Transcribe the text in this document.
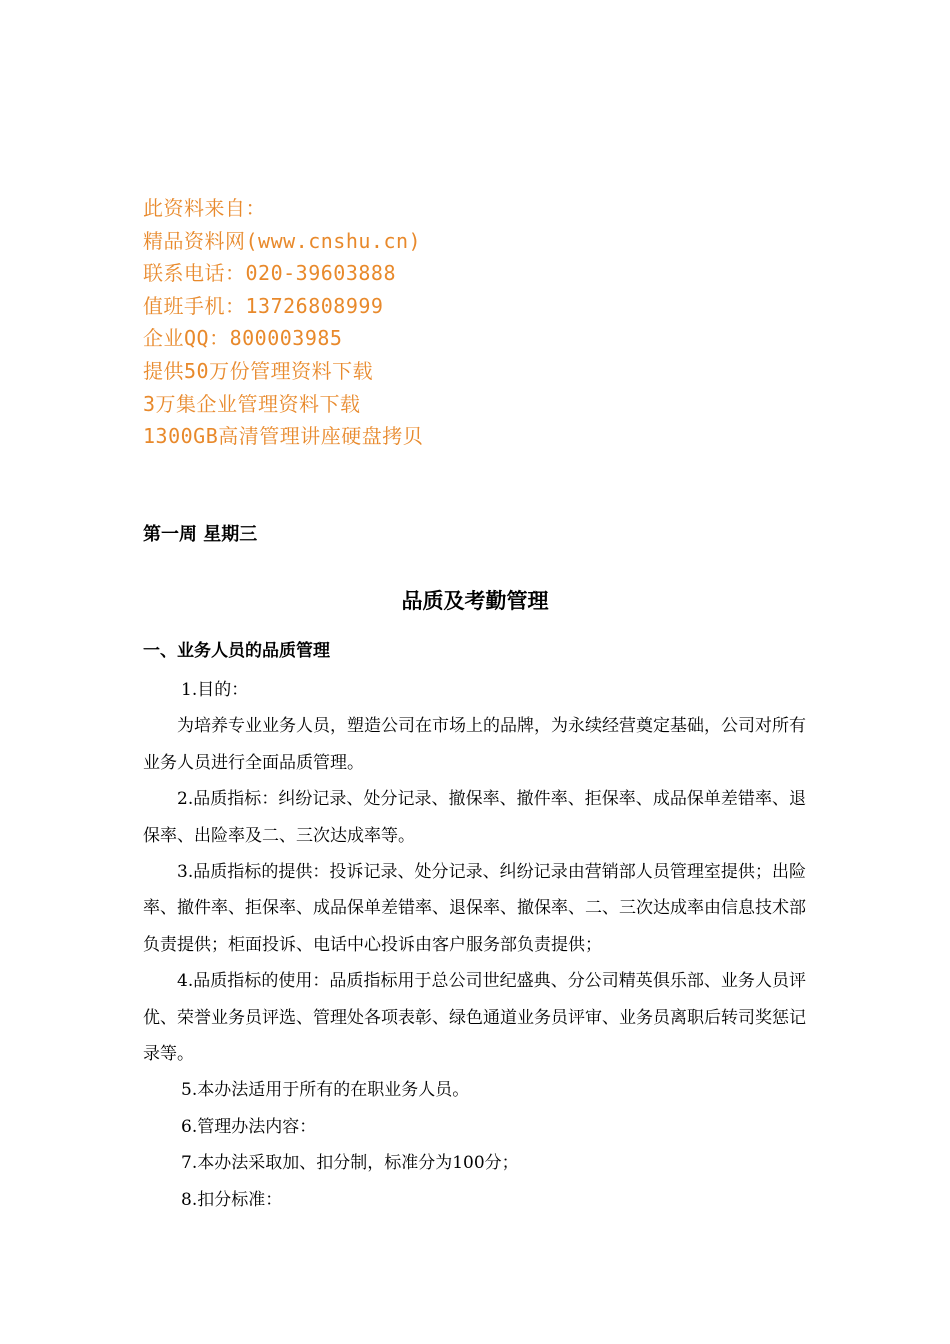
此资料来自：
精品资料网(www.cnshu.cn)
联系电话：020-39603888
值班手机：13726808999
企业QQ：800003985
提供50万份管理资料下载
3万集企业管理资料下载
1300GB高清管理讲座硬盘拷贝
第一周 星期三
品质及考勤管理
一、业务人员的品质管理

1.目的：

为培养专业业务人员，塑造公司在市场上的品牌，为永续经营奠定基础，公司对所有业务人员进行全面品质管理。

2.品质指标：纠纷记录、处分记录、撤保率、撤件率、拒保率、成品保单差错率、退保率、出险率及二、三次达成率等。

3.品质指标的提供：投诉记录、处分记录、纠纷记录由营销部人员管理室提供；出险率、撤件率、拒保率、成品保单差错率、退保率、撤保率、二、三次达成率由信息技术部负责提供；柜面投诉、电话中心投诉由客户服务部负责提供；

4.品质指标的使用：品质指标用于总公司世纪盛典、分公司精英俱乐部、业务人员评优、荣誉业务员评选、管理处各项表彰、绿色通道业务员评审、业务员离职后转司奖惩记录等。

5.本办法适用于所有的在职业务人员。

6.管理办法内容：

7.本办法采取加、扣分制，标准分为100分；

8.扣分标准：
